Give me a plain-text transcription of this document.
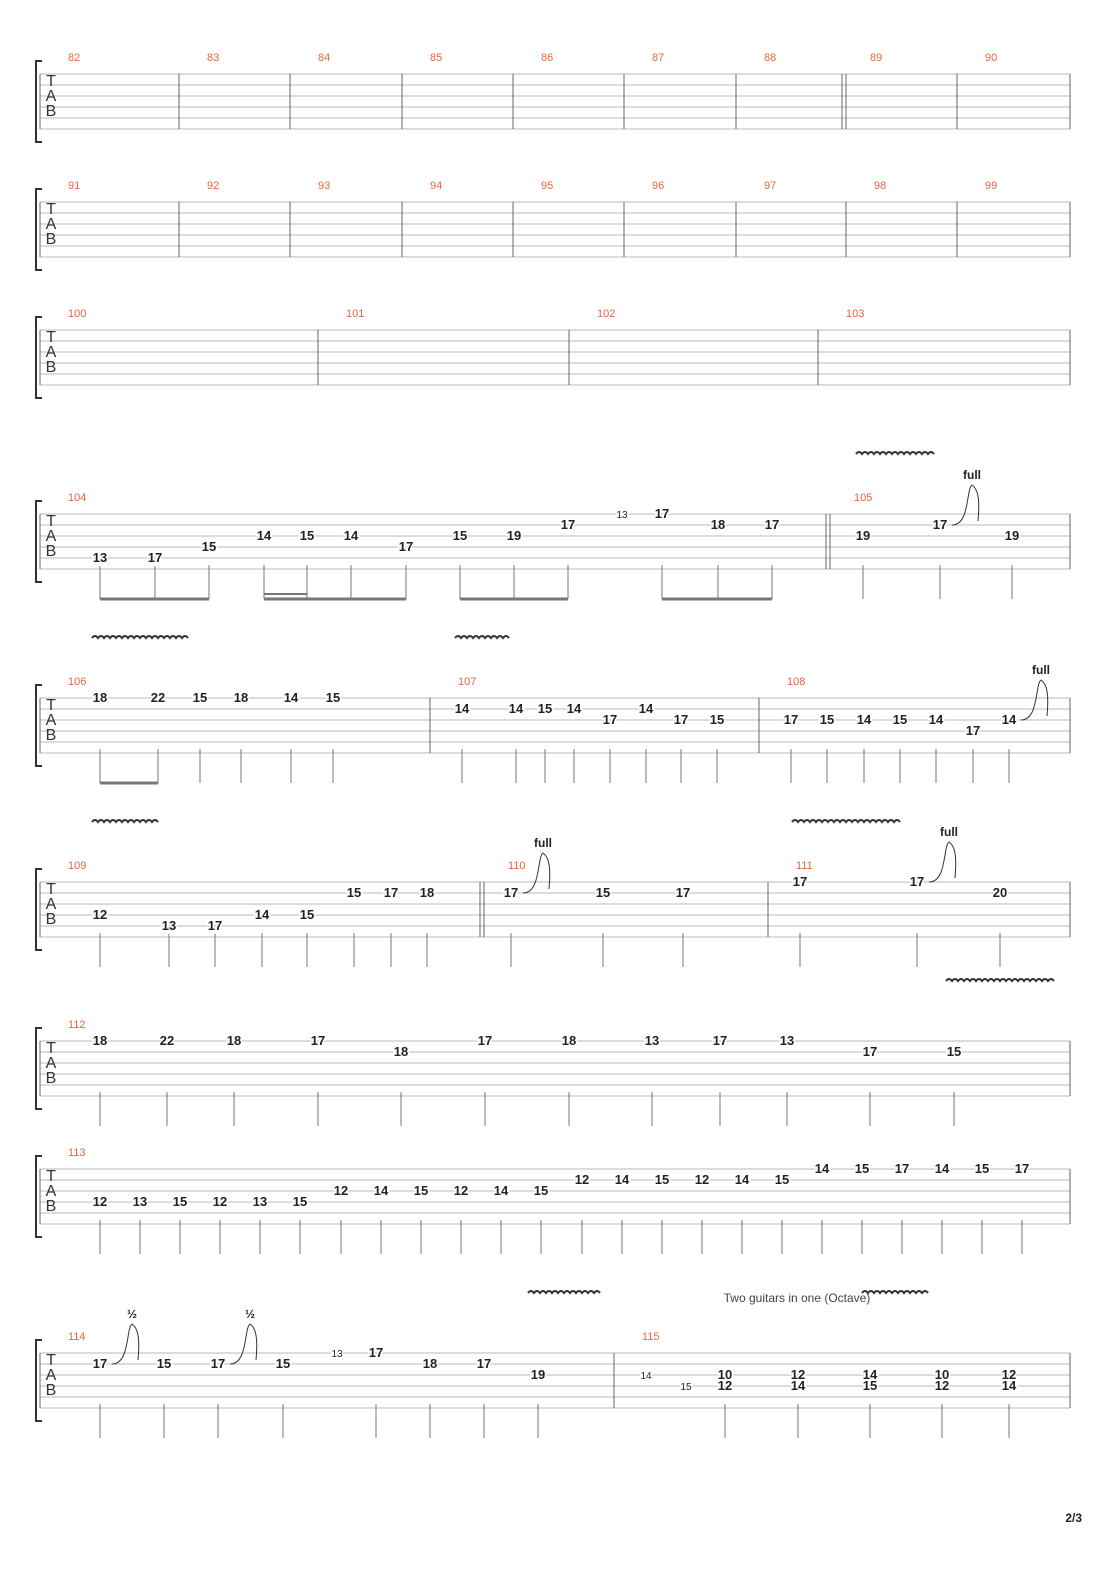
T
A
B
82	83	84	85	86	87	88	89	90
T
A
B
91	92	93	94	95	96	97	98	99
T
A
B
100	101	102	103
T
A
B
104	105
13	17
15
14 15 14
17
15	19
17
13 17
18	17
19
17
full
19
T
A
B
106	107	108
18	22 15 18	14 15
14	14 15 14
17
14
17 15	17 15 14 15 14
17
14
full
T
A
B
109	110	111
12
13 17
14 15
15 17 18	17
full
15	17
17	17
full
20
T
A
B
112
18	22	18	17
18
17	18	13	17	13
17	15
T
A
B
113
12 13 15 12 13 15
12 14 15 12 14 15
12 14 15 12 14 15
14 15 17 14 15 17
T
A
B
114	115
17
½
15	17
½
15
13 17
18	17
19	14
15
10
12
12
14
14
15
10
12
12
14
Two guitars in one (Octave)
2/3
